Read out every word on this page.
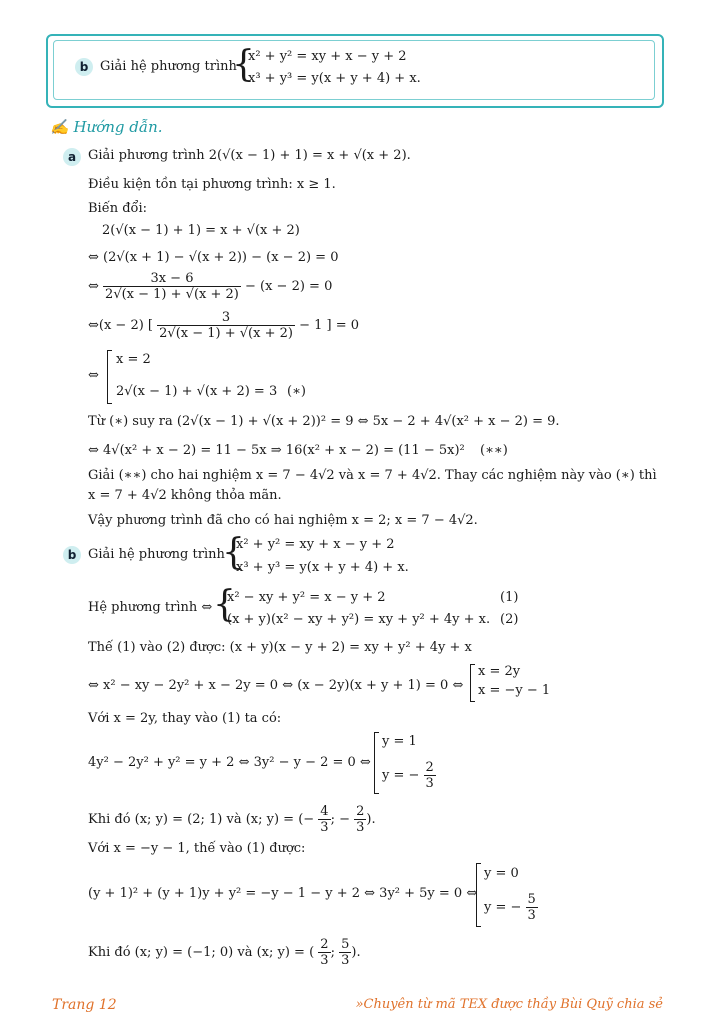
b Giải hệ phương trình
{
x² + y² = xy + x − y + 2
x³ + y³ = y(x + y + 4) + x.
✍ Hướng dẫn.
a Giải phương trình 2(√(x − 1) + 1) = x + √(x + 2).
Điều kiện tồn tại phương trình: x ≥ 1.
Biến đổi:
2(√(x − 1) + 1) = x + √(x + 2)
⇔ (2√(x + 1) − √(x + 2)) − (x − 2) = 0
⇔ $\frac{3x - 6}{2√(x - 1) + √(x + 2)} - (x - 2) = 0$
⇔(x − 2) [ $\frac{3}{2√(x - 1) + √(x + 2)} - 1$ ] = 0
⇔
x = 2
2√(x − 1) + √(x + 2) = 3 (∗)
Từ (∗) suy ra (2√(x − 1) + √(x + 2))² = 9 ⇔ 5x − 2 + 4√(x² + x − 2) = 9.
⇔ 4√(x² + x − 2) = 11 − 5x ⇒ 16(x² + x − 2) = (11 − 5x)² (∗∗)
Giải (∗∗) cho hai nghiệm x = 7 − 4√2 và x = 7 + 4√2. Thay các nghiệm này vào (∗) thì
x = 7 + 4√2 không thỏa mãn.
Vậy phương trình đã cho có hai nghiệm x = 2; x = 7 − 4√2.
b Giải hệ phương trình
{
x² + y² = xy + x − y + 2
x³ + y³ = y(x + y + 4) + x.
Hệ phương trình ⇔ {
x² − xy + y² = x − y + 2	(1)
(x + y)(x² − xy + y²) = xy + y² + 4y + x. (2)
Thế (1) vào (2) được: (x + y)(x − y + 2) = xy + y² + 4y + x
⇔ x² − xy − 2y² + x − 2y = 0 ⇔ (x − 2y)(x + y + 1) = 0 ⇔
x = 2y
x = −y − 1
Với x = 2y, thay vào (1) ta có:
4y² − 2y² + y² = y + 2 ⇔ 3y² − y − 2 = 0 ⇔
y = 1
y = − $\frac{2}{3}$
Khi đó (x; y) = (2; 1) và (x; y) = (− $\frac{4}{3}$ ; − $\frac{2}{3}$ ).
Với x = −y − 1, thế vào (1) được:
(y + 1)² + (y + 1)y + y² = −y − 1 − y + 2 ⇔ 3y² + 5y = 0 ⇔
y = 0
y = − $\frac{5}{3}$
Khi đó (x; y) = (−1; 0) và (x; y) = ( $\frac{2}{3}$ ; $\frac{5}{3}$ ).
Trang 12	»Chuyên từ mã TEX được thầy Bùi Quỹ chia sẻ
